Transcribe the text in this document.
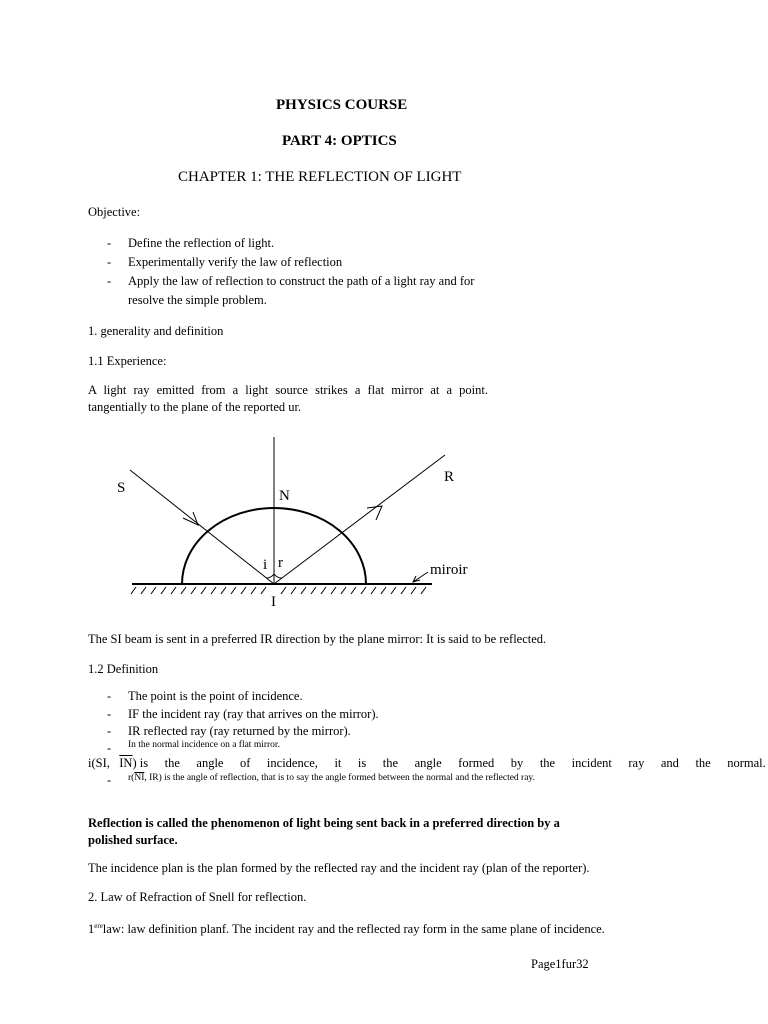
PHYSICS COURSE
PART 4: OPTICS
CHAPTER 1: THE REFLECTION OF LIGHT
Objective:
- Define the reflection of light.
- Experimentally verify the law of reflection
- Apply the law of reflection to construct the path of a light ray and for
resolve the simple problem.
1. generality and definition
1.1 Experience:
A light ray emitted from a light source strikes a flat mirror at a point.
tangentially to the plane of the reported ur.
S	N
R
i r	miroir
I
The SI beam is sent in a preferred IR direction by the plane mirror: It is said to be reflected.
1.2 Definition
- The point is the point of incidence.
- IF the incident ray (ray that arrives on the mirror).
- IR reflected ray (ray returned by the mirror).
- In the normal incidence on a flat mirror.
i(SI, $\overline{IN}$) is the angle of incidence, it is the angle formed by the incident ray and the normal.
- $r(\overline{NI}$, IR) is the angle of reflection, that is to say the angle formed between the normal and the reflected ray.
Reflection is called the phenomenon of light being sent back in a preferred direction by a
polished surface.
The incidence plan is the plan formed by the reflected ray and the incident ray (plan of the reporter).
2. Law of Refraction of Snell for reflection.
1erelaw: law definition planf. The incident ray and the reflected ray form in the same plane of incidence.
Page1fur32
